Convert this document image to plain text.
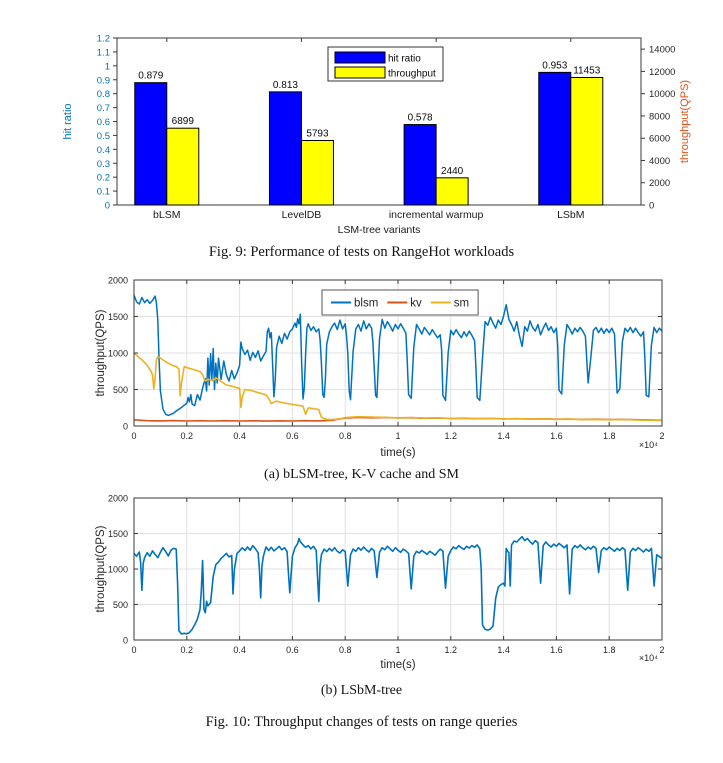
0
0.1
0.2
0.3
0.4
0.5
0.6
0.7
0.8
0.9
1
1.1
1.2
0
2000
4000
6000
8000
10000
12000
14000
bLSM
0.879
6899
LevelDB
0.813
5793
incremental warmup
0.578
2440
LSbM
0.953 11453
LSM-tree variants
hit ratio	throughput(QPS)
hit ratio
throughput
0	0.2	0.4	0.6	0.8	1	1.2	1.4	1.6	1.8	2
0
500
1000
1500
2000
time(s)
throughput(QPS)
×10⁴
blsm	kv	sm
0	0.2	0.4	0.6	0.8	1	1.2	1.4	1.6	1.8	2
0
500
1000
1500
2000
time(s)
throughput(QPS)
×10⁴
Fig. 9: Performance of tests on RangeHot workloads
(a) bLSM-tree, K-V cache and SM
(b) LSbM-tree
Fig. 10: Throughput changes of tests on range queries
